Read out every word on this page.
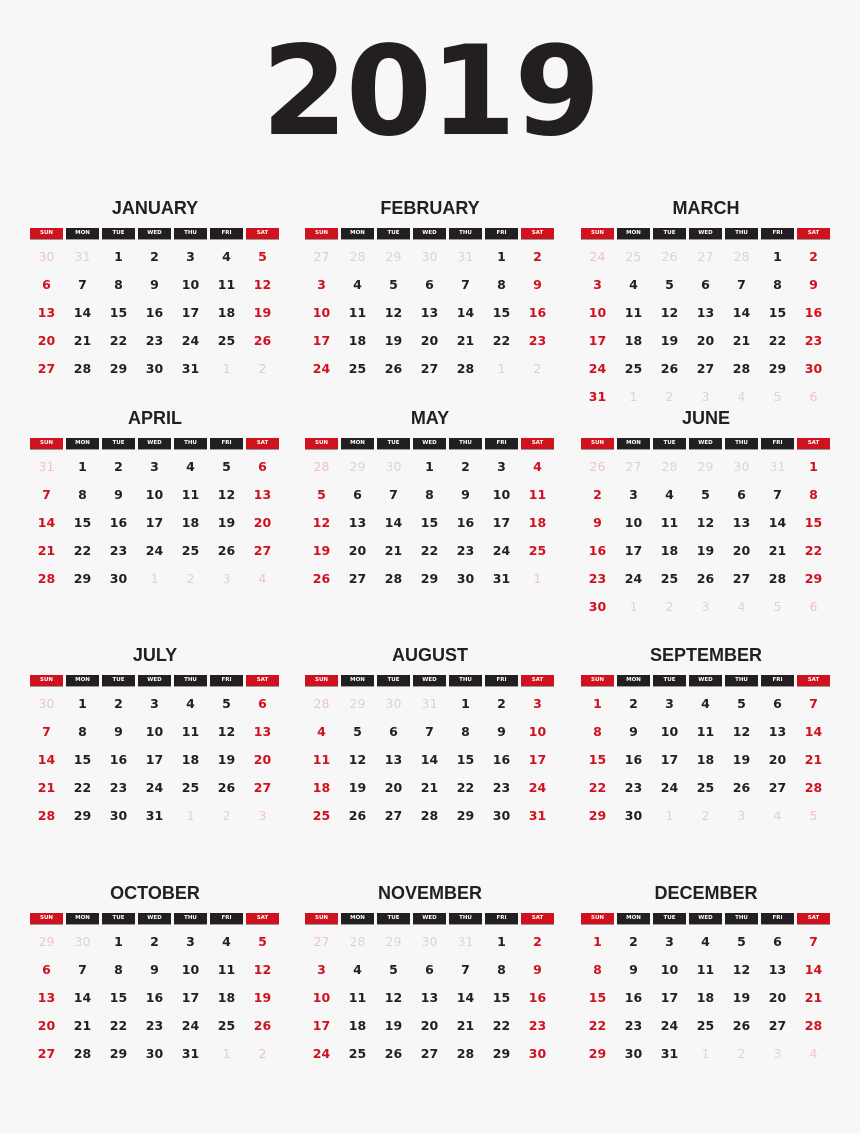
2019
JANUARY
SUN	MON	TUE	WED	THU	FRI	SAT
30	31	1	2	3	4	5
6	7	8	9	10	11	12
13	14	15	16	17	18	19
20	21	22	23	24	25	26
27	28	29	30	31	1	2
FEBRUARY
SUN	MON	TUE	WED	THU	FRI	SAT
27	28	29	30	31	1	2
3	4	5	6	7	8	9
10	11	12	13	14	15	16
17	18	19	20	21	22	23
24	25	26	27	28	1	2
MARCH
SUN	MON	TUE	WED	THU	FRI	SAT
24	25	26	27	28	1	2
3	4	5	6	7	8	9
10	11	12	13	14	15	16
17	18	19	20	21	22	23
24	25	26	27	28	29	30
31	1	2	3	4	5	6
APRIL
SUN	MON	TUE	WED	THU	FRI	SAT
31	1	2	3	4	5	6
7	8	9	10	11	12	13
14	15	16	17	18	19	20
21	22	23	24	25	26	27
28	29	30	1	2	3	4
MAY
SUN	MON	TUE	WED	THU	FRI	SAT
28	29	30	1	2	3	4
5	6	7	8	9	10	11
12	13	14	15	16	17	18
19	20	21	22	23	24	25
26	27	28	29	30	31	1
JUNE
SUN	MON	TUE	WED	THU	FRI	SAT
26	27	28	29	30	31	1
2	3	4	5	6	7	8
9	10	11	12	13	14	15
16	17	18	19	20	21	22
23	24	25	26	27	28	29
30	1	2	3	4	5	6
JULY
SUN	MON	TUE	WED	THU	FRI	SAT
30	1	2	3	4	5	6
7	8	9	10	11	12	13
14	15	16	17	18	19	20
21	22	23	24	25	26	27
28	29	30	31	1	2	3
AUGUST
SUN	MON	TUE	WED	THU	FRI	SAT
28	29	30	31	1	2	3
4	5	6	7	8	9	10
11	12	13	14	15	16	17
18	19	20	21	22	23	24
25	26	27	28	29	30	31
SEPTEMBER
SUN	MON	TUE	WED	THU	FRI	SAT
1	2	3	4	5	6	7
8	9	10	11	12	13	14
15	16	17	18	19	20	21
22	23	24	25	26	27	28
29	30	1	2	3	4	5
OCTOBER
SUN	MON	TUE	WED	THU	FRI	SAT
29	30	1	2	3	4	5
6	7	8	9	10	11	12
13	14	15	16	17	18	19
20	21	22	23	24	25	26
27	28	29	30	31	1	2
NOVEMBER
SUN	MON	TUE	WED	THU	FRI	SAT
27	28	29	30	31	1	2
3	4	5	6	7	8	9
10	11	12	13	14	15	16
17	18	19	20	21	22	23
24	25	26	27	28	29	30
DECEMBER
SUN	MON	TUE	WED	THU	FRI	SAT
1	2	3	4	5	6	7
8	9	10	11	12	13	14
15	16	17	18	19	20	21
22	23	24	25	26	27	28
29	30	31	1	2	3	4
